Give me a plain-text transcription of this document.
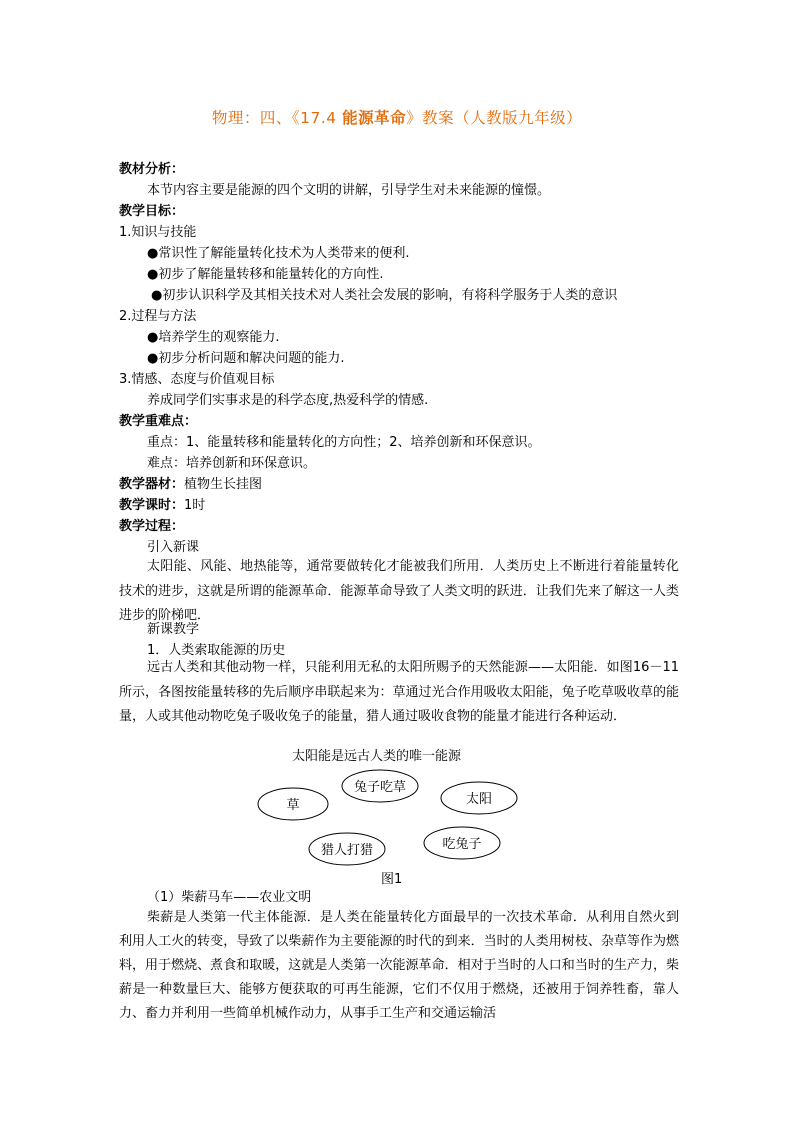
物理：四、《17.4 能源革命》教案（人教版九年级）
教材分析：
本节内容主要是能源的四个文明的讲解，引导学生对未来能源的憧憬。
教学目标：
1.知识与技能
●常识性了解能量转化技术为人类带来的便利.
●初步了解能量转移和能量转化的方向性.
●初步认识科学及其相关技术对人类社会发展的影响，有将科学服务于人类的意识
2.过程与方法
●培养学生的观察能力.
●初步分析问题和解决问题的能力.
3.情感、态度与价值观目标
养成同学们实事求是的科学态度,热爱科学的情感.
教学重难点：
重点：1、能量转移和能量转化的方向性；2、培养创新和环保意识。
难点：培养创新和环保意识。
教学器材：植物生长挂图
教学课时：1时
教学过程：
引入新课
太阳能、风能、地热能等，通常要做转化才能被我们所用．人类历史上不断进行着能量转化技术的进步，这就是所谓的能源革命．能源革命导致了人类文明的跃进．让我们先来了解这一人类进步的阶梯吧．
新课教学
1．人类索取能源的历史
远古人类和其他动物一样，只能利用无私的太阳所赐予的天然能源——太阳能．如图16－11所示，各图按能量转移的先后顺序串联起来为：草通过光合作用吸收太阳能，兔子吃草吸收草的能量，人或其他动物吃兔子吸收兔子的能量，猎人通过吸收食物的能量才能进行各种运动．
太阳能是远古人类的唯一能源
草
兔子吃草
太阳
猎人打猎	吃兔子
图1
（1）柴薪马车——农业文明
柴薪是人类第一代主体能源．是人类在能量转化方面最早的一次技术革命．从利用自然火到利用人工火的转变，导致了以柴薪作为主要能源的时代的到来．当时的人类用树枝、杂草等作为燃料，用于燃烧、煮食和取暖，这就是人类第一次能源革命．相对于当时的人口和当时的生产力，柴薪是一种数量巨大、能够方便获取的可再生能源，它们不仅用于燃烧，还被用于饲养牲畜，靠人力、畜力并利用一些简单机械作动力，从事手工生产和交通运输活
